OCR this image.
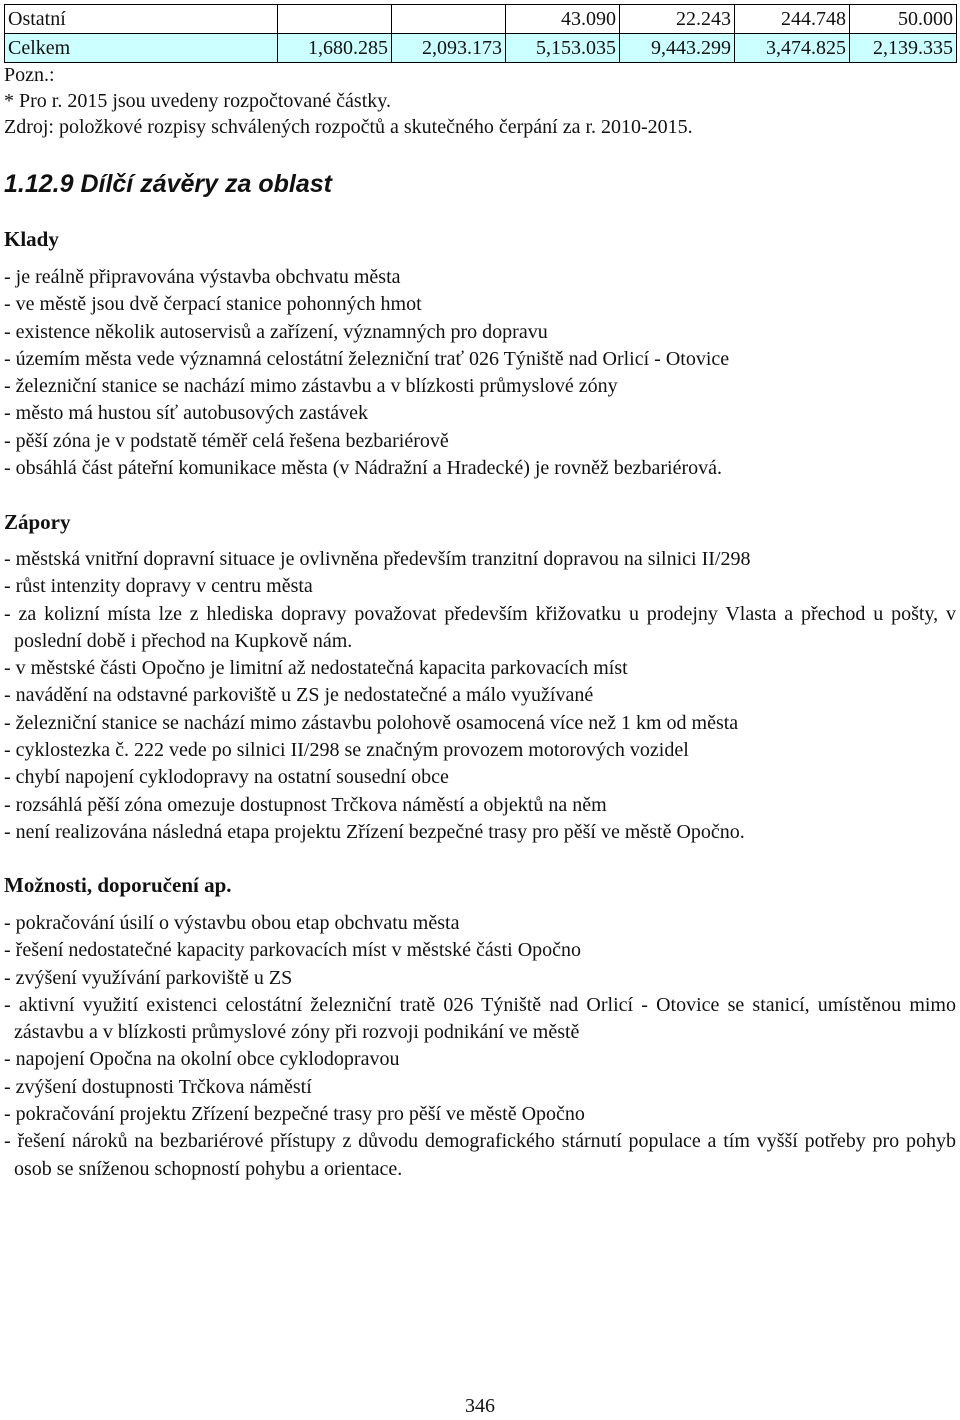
Ostatní			43.090	22.243	244.748	50.000
Celkem	1,680.285	2,093.173	5,153.035	9,443.299	3,474.825	2,139.335
Pozn.:
* Pro r. 2015 jsou uvedeny rozpočtované částky.
Zdroj: položkové rozpisy schválených rozpočtů a skutečného čerpání za r. 2010-2015.
1.12.9 Dílčí závěry za oblast
Klady
- je reálně připravována výstavba obchvatu města
- ve městě jsou dvě čerpací stanice pohonných hmot
- existence několik autoservisů a zařízení, významných pro dopravu
- územím města vede významná celostátní železniční trať 026 Týniště nad Orlicí - Otovice
- železniční stanice se nachází mimo zástavbu a v blízkosti průmyslové zóny
- město má hustou síť autobusových zastávek
- pěší zóna je v podstatě téměř celá řešena bezbariérově
- obsáhlá část páteřní komunikace města (v Nádražní a Hradecké) je rovněž bezbariérová.
Zápory
- městská vnitřní dopravní situace je ovlivněna především tranzitní dopravou na silnici II/298
- růst intenzity dopravy v centru města
- za kolizní místa lze z hlediska dopravy považovat především křižovatku u prodejny Vlasta a přechod u pošty, v poslední době i přechod na Kupkově nám.
- v městské části Opočno je limitní až nedostatečná kapacita parkovacích míst
- navádění na odstavné parkoviště u ZS je nedostatečné a málo využívané
- železniční stanice se nachází mimo zástavbu polohově osamocená více než 1 km od města
- cyklostezka č. 222 vede po silnici II/298 se značným provozem motorových vozidel
- chybí napojení cyklodopravy na ostatní sousední obce
- rozsáhlá pěší zóna omezuje dostupnost Trčkova náměstí a objektů na něm
- není realizována následná etapa projektu Zřízení bezpečné trasy pro pěší ve městě Opočno.
Možnosti, doporučení ap.
- pokračování úsilí o výstavbu obou etap obchvatu města
- řešení nedostatečné kapacity parkovacích míst v městské části Opočno
- zvýšení využívání parkoviště u ZS
- aktivní využití existenci celostátní železniční tratě 026 Týniště nad Orlicí - Otovice se stanicí, umístěnou mimo zástavbu a v blízkosti průmyslové zóny při rozvoji podnikání ve městě
- napojení Opočna na okolní obce cyklodopravou
- zvýšení dostupnosti Trčkova náměstí
- pokračování projektu Zřízení bezpečné trasy pro pěší ve městě Opočno
- řešení nároků na bezbariérové přístupy z důvodu demografického stárnutí populace a tím vyšší potřeby pro pohyb osob se sníženou schopností pohybu a orientace.
346
